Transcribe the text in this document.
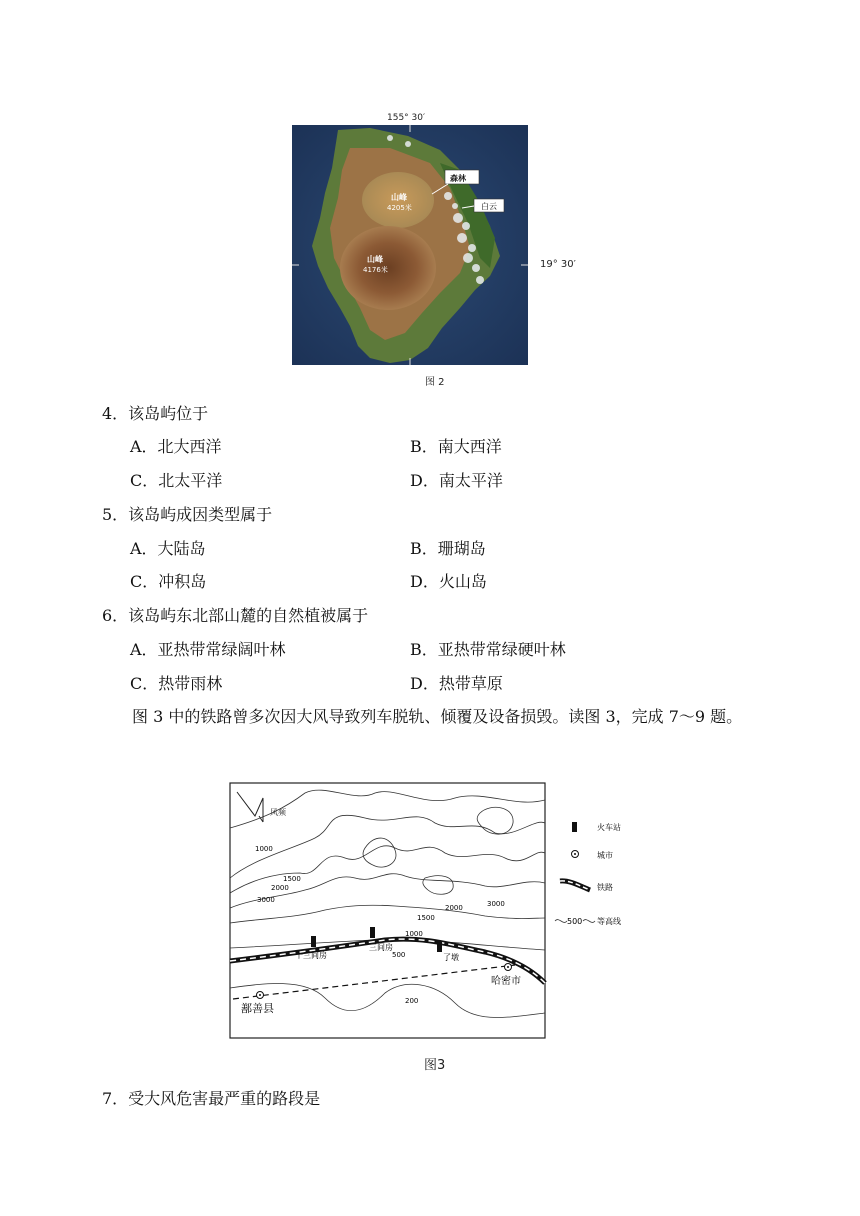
155° 30′
森林
白云
山峰
4205米
山峰
4176米	19° 30′
图 2
4．该岛屿位于
A．北大西洋	B．南大西洋
C．北太平洋	D．南太平洋
5．该岛屿成因类型属于
A．大陆岛	B．珊瑚岛
C．冲积岛	D．火山岛
6．该岛屿东北部山麓的自然植被属于
A．亚热带常绿阔叶林	B．亚热带常绿硬叶林
C．热带雨林	D．热带草原
图 3 中的铁路曾多次因大风导致列车脱轨、倾覆及设备损毁。读图 3，完成 7～9 题。
风频
1000
1500
2000
3000
1500
2000	3000
1000
500
200
十三间房
三间房
了墩
鄯善县
哈密市
火车站
城市
铁路
500 等高线
图3
7．受大风危害最严重的路段是
